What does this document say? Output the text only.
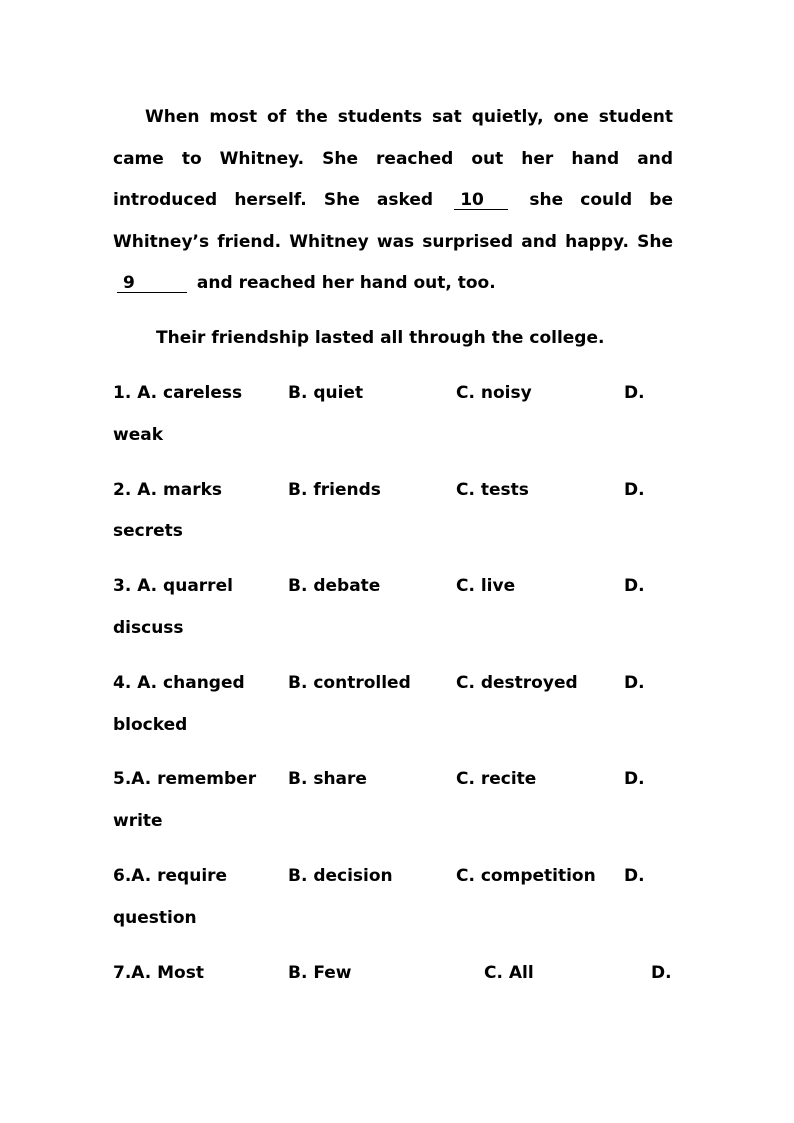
When most of the students sat quietly, one student came to Whitney. She reached out her hand and introduced herself. She asked 10	she could be Whitney’s friend. Whitney was surprised and happy. She 9	and reached her hand out, too.

Their friendship lasted all through the college.

1. A. careless	B. quiet	C. noisy	D.
weak
2. A. marks	B. friends	C. tests	D.
secrets
3. A. quarrel	B. debate	C. live	D.
discuss
4. A. changed	B. controlled	C. destroyed	D.
blocked
5.A. remember B. share	C. recite	D.
write
6.A. require	B. decision	C. competition D.
question
7.A. Most	B. Few	C. All	D.
